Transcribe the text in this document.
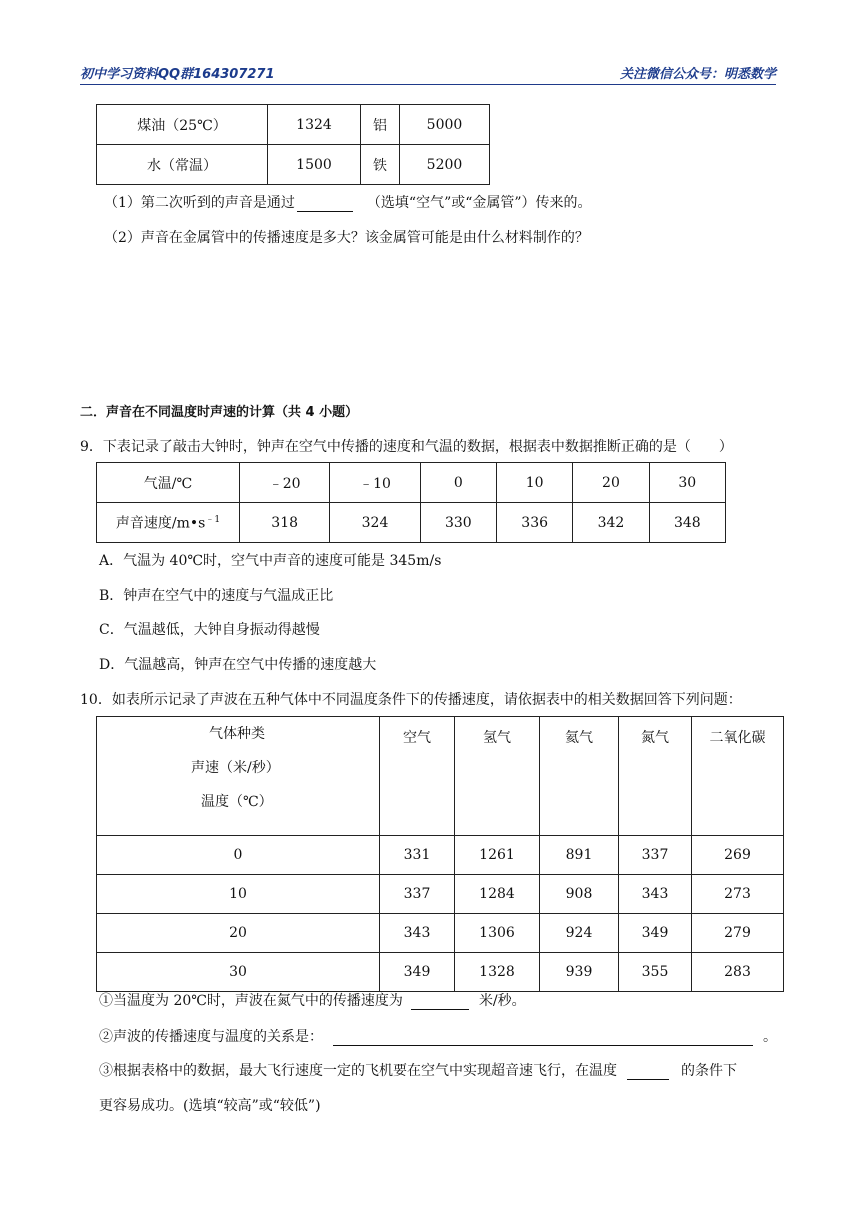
初中学习资料QQ群164307271	关注微信公众号：明悉数学
煤油（25℃）	1324	铝	5000
水（常温）	1500	铁	5200
（1）第二次听到的声音是通过	（选填“空气”或“金属管”）传来的。
（2）声音在金属管中的传播速度是多大？该金属管可能是由什么材料制作的？
二．声音在不同温度时声速的计算（共 4 小题）
9．下表记录了敲击大钟时，钟声在空气中传播的速度和气温的数据，根据表中数据推断正确的是（　　）
气温/℃	﹣20	﹣10	0	10	20	30
声音速度$/m•s^{﹣1}$	318	324	330	336	342	348
A．气温为 40℃时，空气中声音的速度可能是 345m/s
B．钟声在空气中的速度与气温成正比
C．气温越低，大钟自身振动得越慢
D．气温越高，钟声在空气中传播的速度越大
10．如表所示记录了声波在五种气体中不同温度条件下的传播速度，请依据表中的相关数据回答下列问题：
气体种类
声速（米/秒）
温度（℃）	空气	氢气	氦气	氮气	二氧化碳
0	331	1261	891	337	269
10	337	1284	908	343	273
20	343	1306	924	349	279
30	349	1328	939	355	283
①当温度为 20℃时，声波在氮气中的传播速度为	米/秒。
②声波的传播速度与温度的关系是：	。
③根据表格中的数据，最大飞行速度一定的飞机要在空气中实现超音速飞行，在温度	的条件下
更容易成功。(选填“较高”或“较低”)
